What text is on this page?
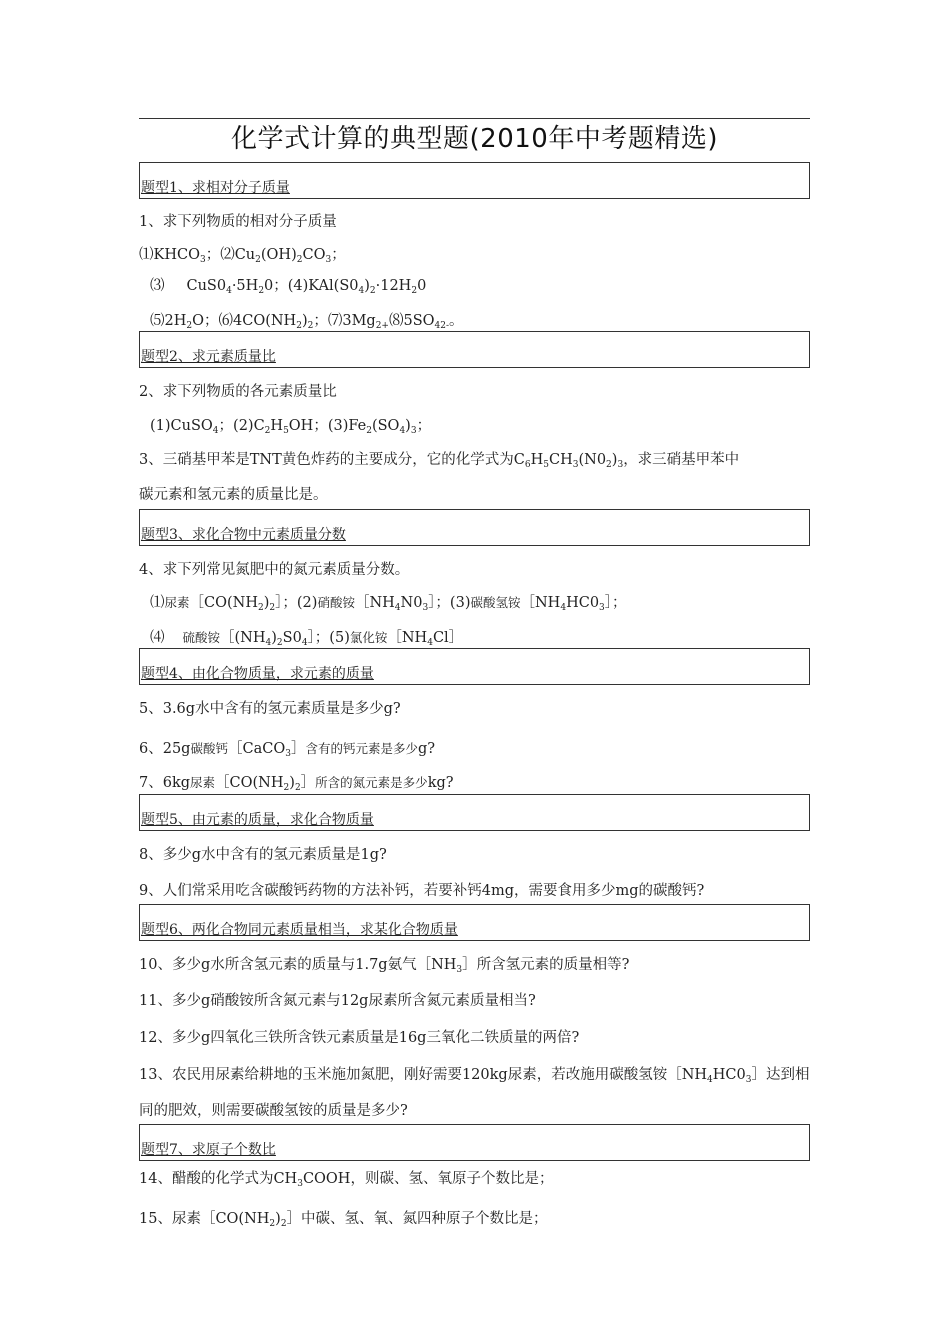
化学式计算的典型题(2010年中考题精选)
题型1、求相对分子质量
1、求下列物质的相对分子质量
$⑴KHCO_3$；$⑵Cu_2(OH)_2CO_3$；
⑶ $CuS0_4\cdot 5H_20$；$(4)KAl(S0_4)_2\cdot 12H_20$
$⑸2H_2O$；$⑹4CO(NH_2)_2$；$⑺3Mg_{2+}⑻5SO_{42-}$。
题型2、求元素质量比
2、求下列物质的各元素质量比
(1)CuSO$_4$；$(2)C_2H_5OH$；$(3)Fe_2(SO_4)_3$；
3、三硝基甲苯是TNT黄色炸药的主要成分，它的化学式为$C_6H_5CH_3(N0_2)_3$，求三硝基甲苯中
碳元素和氢元素的质量比是。
题型3、求化合物中元素质量分数
4、求下列常见氮肥中的氮元素质量分数。
⑴尿素$[CO(NH_2)_2]$；(2)硝酸铵$[NH_4N0_3]$；(3)碳酸氢铵$[NH_4HC0_3]$；
⑷ 硫酸铵$[(NH_4)_2S0_4]$；(5)氯化铵$[NH_4Cl]$
题型4、由化合物质量，求元素的质量
5、3.6g水中含有的氢元素质量是多少g?
6、25g碳酸钙［CaCO$_3$］含有的钙元素是多少g?
7、6kg尿素$[CO(NH_2)_2]$所含的氮元素是多少kg?
题型5、由元素的质量，求化合物质量
8、多少g水中含有的氢元素质量是1g?
9、人们常采用吃含碳酸钙药物的方法补钙，若要补钙4mg，需要食用多少mg的碳酸钙?
题型6、两化合物同元素质量相当，求某化合物质量
10、多少g水所含氢元素的质量与1.7g氨气$[NH_3]$所含氢元素的质量相等?
11、多少g硝酸铵所含氮元素与12g尿素所含氮元素质量相当?
12、多少g四氧化三铁所含铁元素质量是16g三氧化二铁质量的两倍?
13、农民用尿素给耕地的玉米施加氮肥，刚好需要120kg尿素，若改施用碳酸氢铵$[NH_4HC0_3]$达到相
同的肥效，则需要碳酸氢铵的质量是多少?
题型7、求原子个数比
14、醋酸的化学式为$CH_3COOH$，则碳、氢、氧原子个数比是；
15、尿素$[CO(NH_2)_2]$中碳、氢、氧、氮四种原子个数比是；
